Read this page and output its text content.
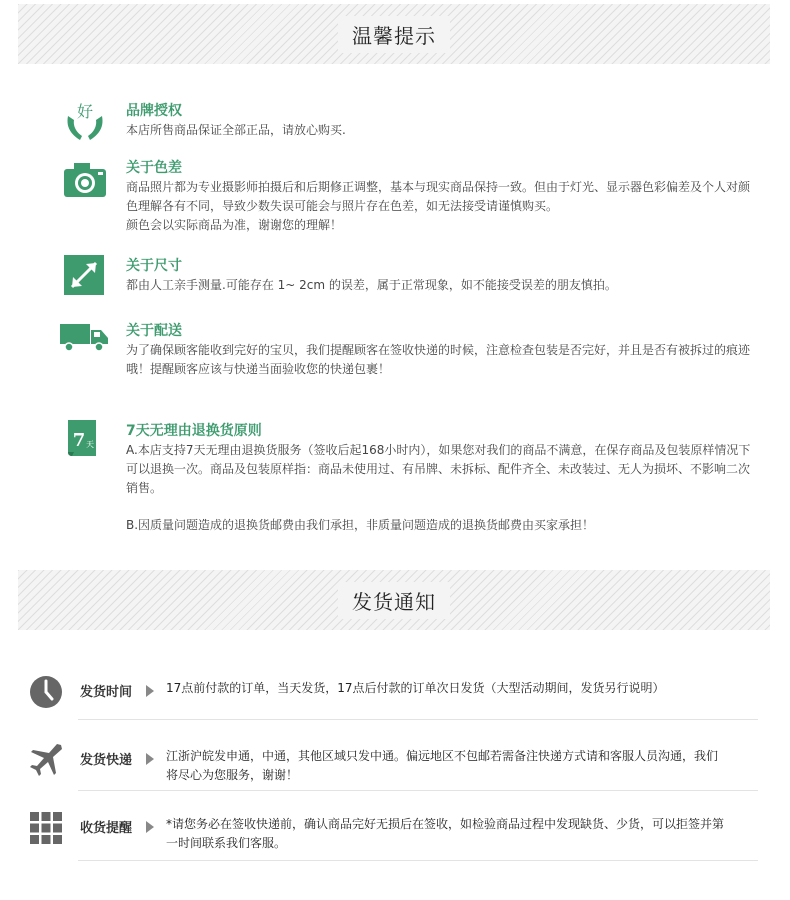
温馨提示
好 品牌授权

本店所售商品保证全部正品，请放心购买.

关于色差

商品照片都为专业摄影师拍摄后和后期修正调整，基本与现实商品保持一致。但由于灯光、显示器色彩偏差及个人对颜色理解各有不同，导致少数失误可能会与照片存在色差，如无法接受请谨慎购买。

颜色会以实际商品为准，谢谢您的理解！

关于尺寸

都由人工亲手测量.可能存在 1~ 2cm 的误差，属于正常现象，如不能接受误差的朋友慎拍。

关于配送

为了确保顾客能收到完好的宝贝，我们提醒顾客在签收快递的时候，注意检查包装是否完好，并且是否有被拆过的痕迹哦！提醒顾客应该与快递当面验收您的快递包裹！

7 天
7天无理由退换货原则

A.本店支持7天无理由退换货服务（签收后起168小时内），如果您对我们的商品不满意，在保存商品及包装原样情况下可以退换一次。商品及包装原样指：商品未使用过、有吊牌、未拆标、配件齐全、未改装过、无人为损坏、不影响二次销售。

B.因质量问题造成的退换货邮费由我们承担，非质量问题造成的退换货邮费由买家承担！

发货通知
发货时间	17点前付款的订单，当天发货，17点后付款的订单次日发货（大型活动期间，发货另行说明）
发货快递	江浙沪皖发申通，中通，其他区域只发中通。偏远地区不包邮若需备注快递方式请和客服人员沟通，我们将尽心为您服务，谢谢！
收货提醒	*请您务必在签收快递前，确认商品完好无损后在签收，如检验商品过程中发现缺货、少货，可以拒签并第一时间联系我们客服。
